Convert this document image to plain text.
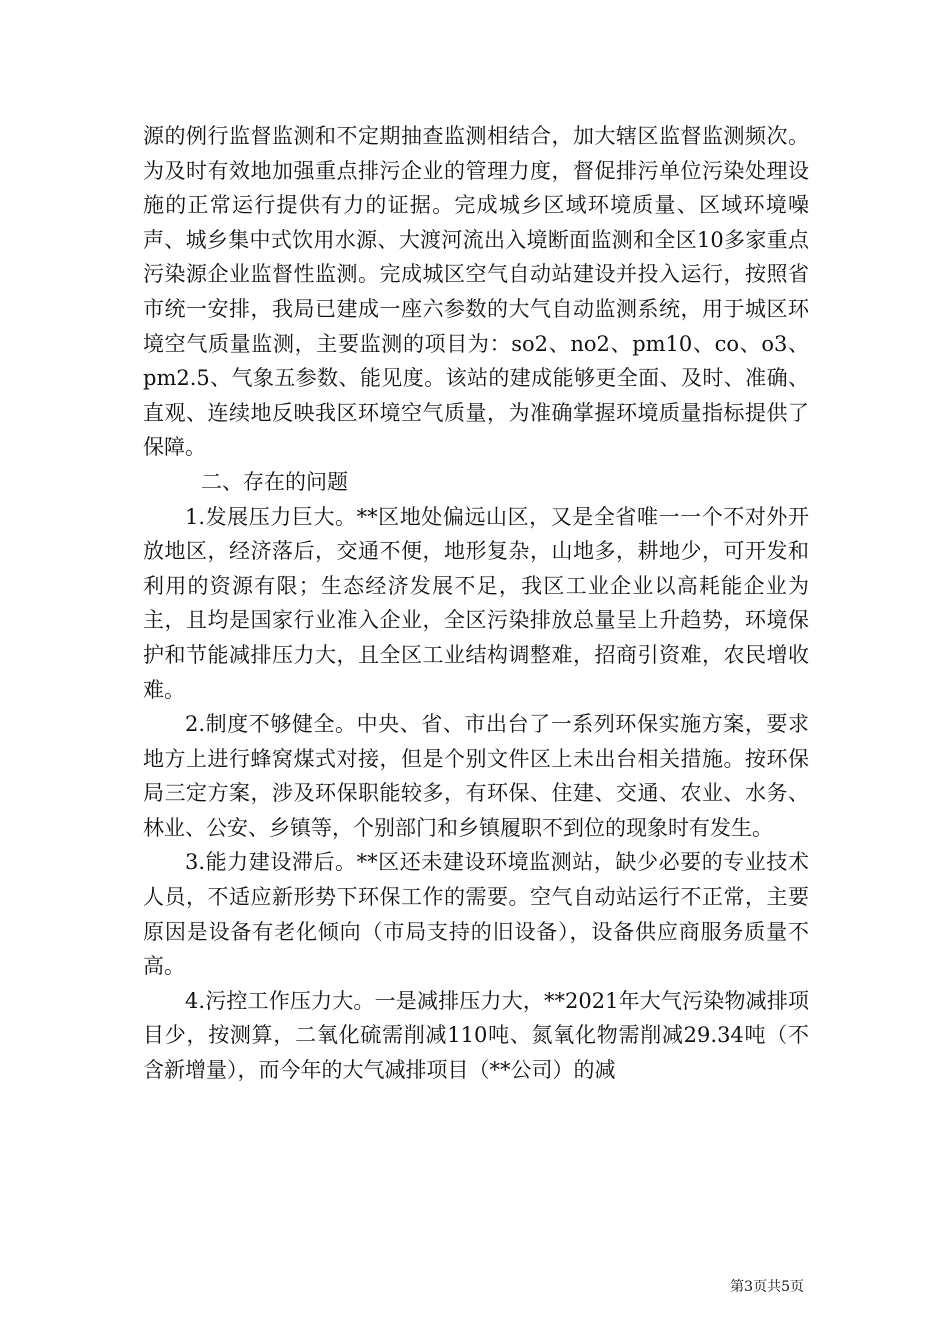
源的例行监督监测和不定期抽查监测相结合，加大辖区监督监测频次。为及时有效地加强重点排污企业的管理力度，督促排污单位污染处理设施的正常运行提供有力的证据。完成城乡区域环境质量、区域环境噪声、城乡集中式饮用水源、大渡河流出入境断面监测和全区10多家重点污染源企业监督性监测。完成城区空气自动站建设并投入运行，按照省市统一安排，我局已建成一座六参数的大气自动监测系统，用于城区环境空气质量监测，主要监测的项目为：so2、no2、pm10、co、o3、pm2.5、气象五参数、能见度。该站的建成能够更全面、及时、准确、直观、连续地反映我区环境空气质量，为准确掌握环境质量指标提供了保障。

二、存在的问题

1.发展压力巨大。**区地处偏远山区，又是全省唯一一个不对外开放地区，经济落后，交通不便，地形复杂，山地多，耕地少，可开发和利用的资源有限；生态经济发展不足，我区工业企业以高耗能企业为主，且均是国家行业准入企业，全区污染排放总量呈上升趋势，环境保护和节能减排压力大，且全区工业结构调整难，招商引资难，农民增收难。

2.制度不够健全。中央、省、市出台了一系列环保实施方案，要求地方上进行蜂窝煤式对接，但是个别文件区上未出台相关措施。按环保局三定方案，涉及环保职能较多，有环保、住建、交通、农业、水务、林业、公安、乡镇等，个别部门和乡镇履职不到位的现象时有发生。

3.能力建设滞后。**区还未建设环境监测站，缺少必要的专业技术人员，不适应新形势下环保工作的需要。空气自动站运行不正常，主要原因是设备有老化倾向（市局支持的旧设备），设备供应商服务质量不高。

4.污控工作压力大。一是减排压力大，**2021年大气污染物减排项目少，按测算，二氧化硫需削减110吨、氮氧化物需削减29.34吨（不含新增量），而今年的大气减排项目（**公司）的减

第3页共5页
